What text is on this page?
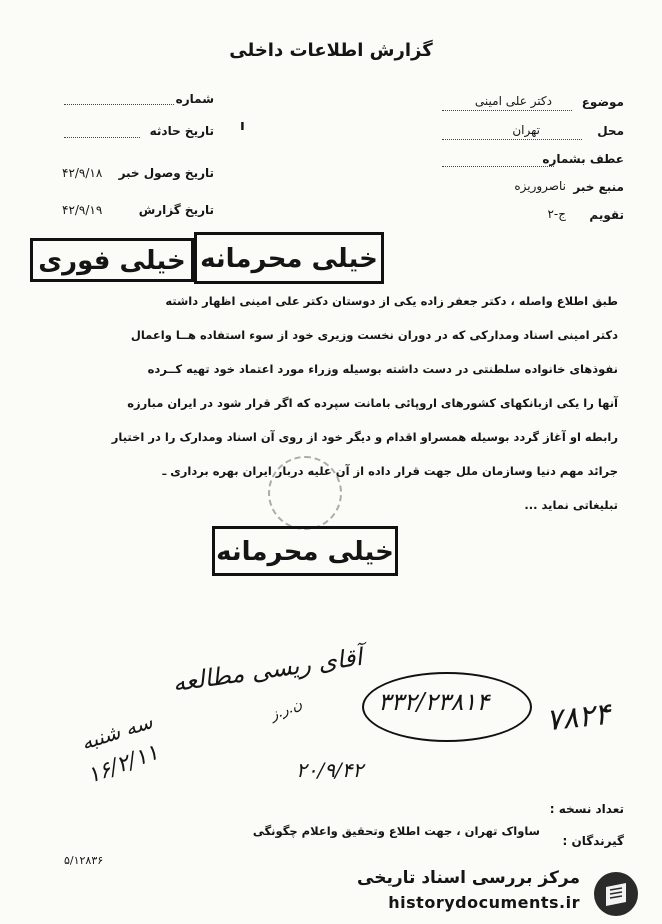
گزارش اطلاعات داخلی
موضوع
دکتر علی امینی
محل
تهران
عطف بشماره
منبع خبر
ناصروریزه
تقویم
ج-۲
شماره
تاریخ حادثه ı
تاریخ وصول خبر
۴۲/۹/۱۸
تاریخ گزارش
۴۲/۹/۱۹
خیلی فوری خیلی محرمانه
طبق اطلاع واصله ، دکتر جعفر زاده یکی از دوستان دکتر علی امینی اظهار داشته
دکتر امینی اسناد ومدارکی که در دوران نخست وزیری خود از سوء استفاده هــا واعمال
نفوذهای خانواده سلطنتی در دست داشته بوسیله وزراء مورد اعتماد خود تهیه کــرده
آنها را یکی ازبانکهای کشورهای اروپائی بامانت سپرده که اگر قرار شود در ایران مبارزه
رابطه او آغاز گردد بوسیله همسراو اقدام و دیگر خود از روی آن اسناد ومدارک را در اختیار
جرائد مهم دنیا وسازمان ملل جهت قرار داده از آن علیه دربار ایران بهره برداری ـ
تبلیغاتی نماید ...
خیلی محرمانه
آقای ریسی مطالعه
۳۳۲/۲۳۸۱۴ ۷۸۲۴
۲۰/۹/۴۲
ن.ر.ز
سه شنبه
۱۶/۲/۱۱
تعداد نسخه :
گیرندگان :
ساواک تهران ، جهت اطلاع وتحقیق واعلام چگونگی
۵/۱۲۸۳۶
مرکز بررسی اسناد تاریخی
historydocuments.ir
